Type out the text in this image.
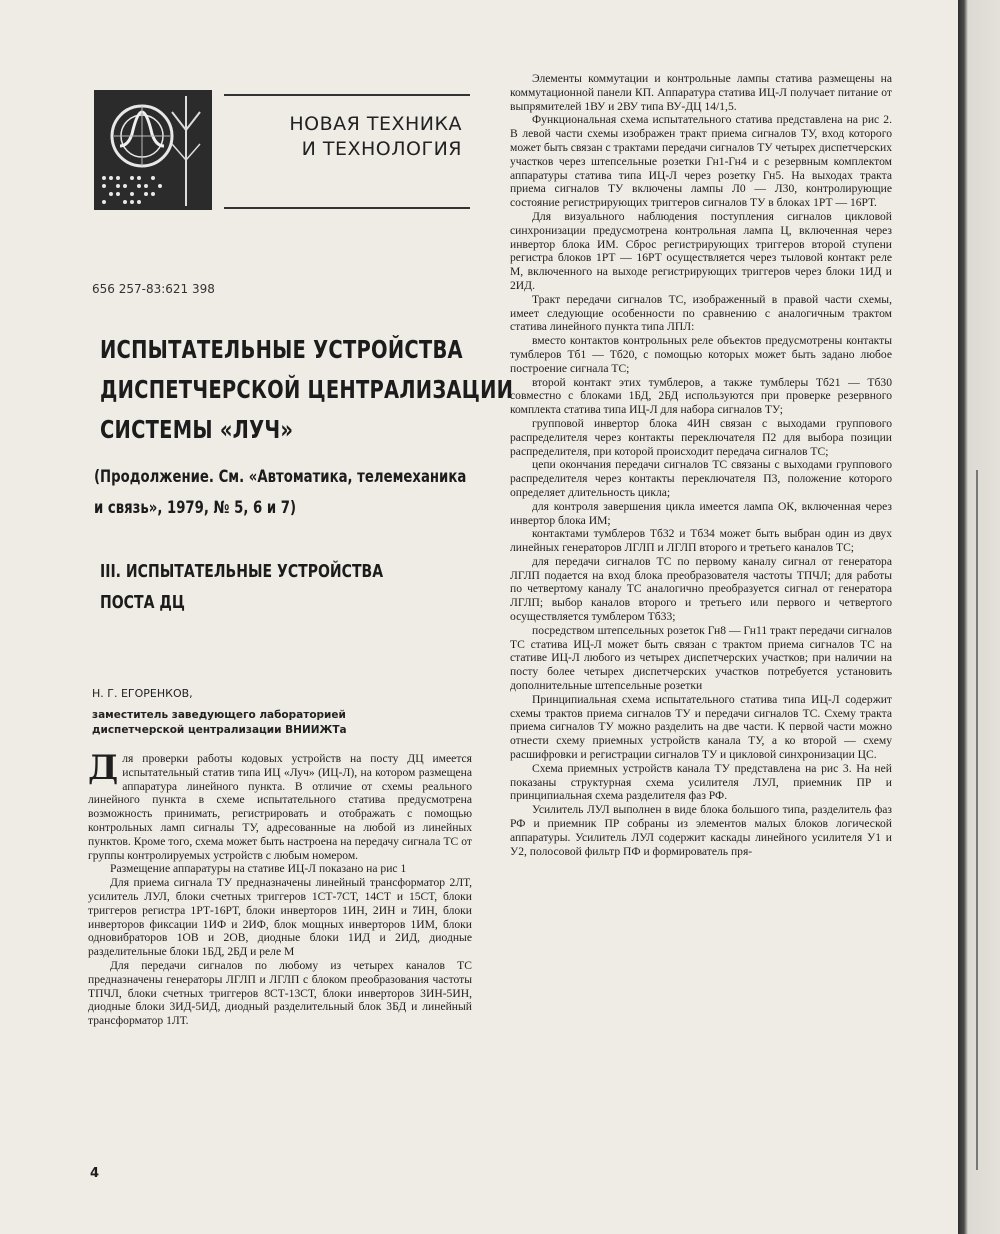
НОВАЯ ТЕХНИКА
И ТЕХНОЛОГИЯ
656 257-83:621 398
ИСПЫТАТЕЛЬНЫЕ УСТРОЙСТВА
ДИСПЕТЧЕРСКОЙ ЦЕНТРАЛИЗАЦИИ
СИСТЕМЫ «ЛУЧ»
(Продолжение. См. «Автоматика, телемеханика
и связь», 1979, № 5, 6 и 7)
III. ИСПЫТАТЕЛЬНЫЕ УСТРОЙСТВА
ПОСТА ДЦ
Н. Г. ЕГОРЕНКОВ,
заместитель заведующего лабораторией
диспетчерской централизации ВНИИЖТа

Для проверки работы кодовых устройств на посту ДЦ имеется испытательный статив типа ИЦ «Луч» (ИЦ-Л), на котором размещена аппаратура линейного пункта. В отличие от схемы реального линейного пункта в схеме испытательного статива предусмотрена возможность принимать, регистрировать и отображать с помощью контрольных ламп сигналы ТУ, адресованные на любой из линейных пунктов. Кроме того, схема может быть настроена на передачу сигнала ТС от группы контролируемых устройств с любым номером.

Размещение аппаратуры на стативе ИЦ-Л показано на рис 1

Для приема сигнала ТУ предназначены линейный трансформатор 2ЛТ, усилитель ЛУЛ, блоки счетных триггеров 1СТ-7СТ, 14СТ и 15СТ, блоки триггеров регистра 1РТ-16РТ, блоки инверторов 1ИН, 2ИН и 7ИН, блоки инверторов фиксации 1ИФ и 2ИФ, блок мощных инверторов 1ИМ, блоки одновибраторов 1ОВ и 2ОВ, диодные блоки 1ИД и 2ИД, диодные разделительные блоки 1БД, 2БД и реле М

Для передачи сигналов по любому из четырех каналов ТС предназначены генераторы ЛГЛП и ЛГЛП с блоком преобразования частоты ТПЧЛ, блоки счетных триггеров 8СТ-13СТ, блоки инверторов 3ИН-5ИН, диодные блоки 3ИД-5ИД, диодный разделительный блок 3БД и линейный трансформатор 1ЛТ.

Элементы коммутации и контрольные лампы статива размещены на коммутационной панели КП. Аппаратура статива ИЦ-Л получает питание от выпрямителей 1ВУ и 2ВУ типа ВУ-ДЦ 14/1,5.

Функциональная схема испытательного статива представлена на рис 2. В левой части схемы изображен тракт приема сигналов ТУ, вход которого может быть связан с трактами передачи сигналов ТУ четырех диспетчерских участков через штепсельные розетки Гн1-Гн4 и с резервным комплектом аппаратуры статива типа ИЦ-Л через розетку Гн5. На выходах тракта приема сигналов ТУ включены лампы Л0 — Л30, контролирующие состояние регистрирующих триггеров сигналов ТУ в блоках 1РТ — 16РТ.

Для визуального наблюдения поступления сигналов цикловой синхронизации предусмотрена контрольная лампа Ц, включенная через инвертор блока ИМ. Сброс регистрирующих триггеров второй ступени регистра блоков 1РТ — 16РТ осуществляется через тыловой контакт реле М, включенного на выходе регистрирующих триггеров через блоки 1ИД и 2ИД.

Тракт передачи сигналов ТС, изображенный в правой части схемы, имеет следующие особенности по сравнению с аналогичным трактом статива линейного пункта типа ЛПЛ:

вместо контактов контрольных реле объектов предусмотрены контакты тумблеров Тб1 — Тб20, с помощью которых может быть задано любое построение сигнала ТС;

второй контакт этих тумблеров, а также тумблеры Тб21 — Тб30 совместно с блоками 1БД, 2БД используются при проверке резервного комплекта статива типа ИЦ-Л для набора сигналов ТУ;

групповой инвертор блока 4ИН связан с выходами группового распределителя через контакты переключателя П2 для выбора позиции распределителя, при которой происходит передача сигналов ТС;

цепи окончания передачи сигналов ТС связаны с выходами группового распределителя через контакты переключателя П3, положение которого определяет длительность цикла;

для контроля завершения цикла имеется лампа ОК, включенная через инвертор блока ИМ;

контактами тумблеров Тб32 и Тб34 может быть выбран один из двух линейных генераторов ЛГЛП и ЛГЛП второго и третьего каналов ТС;

для передачи сигналов ТС по первому каналу сигнал от генератора ЛГЛП подается на вход блока преобразователя частоты ТПЧЛ; для работы по четвертому каналу ТС аналогично преобразуется сигнал от генератора ЛГЛП; выбор каналов второго и третьего или первого и четвертого осуществляется тумблером Тб33;

посредством штепсельных розеток Гн8 — Гн11 тракт передачи сигналов ТС статива ИЦ-Л может быть связан с трактом приема сигналов ТС на стативе ИЦ-Л любого из четырех диспетчерских участков; при наличии на посту более четырех диспетчерских участков потребуется установить дополнительные штепсельные розетки

Принципиальная схема испытательного статива типа ИЦ-Л содержит схемы трактов приема сигналов ТУ и передачи сигналов ТС. Схему тракта приема сигналов ТУ можно разделить на две части. К первой части можно отнести схему приемных устройств канала ТУ, а ко второй — схему расшифровки и регистрации сигналов ТУ и цикловой синхронизации ЦС.

Схема приемных устройств канала ТУ представлена на рис 3. На ней показаны структурная схема усилителя ЛУЛ, приемник ПР и принципиальная схема разделителя фаз РФ.

Усилитель ЛУЛ выполнен в виде блока большого типа, разделитель фаз РФ и приемник ПР собраны из элементов малых блоков логической аппаратуры. Усилитель ЛУЛ содержит каскады линейного усилителя У1 и У2, полосовой фильтр ПФ и формирователь пря-

4
